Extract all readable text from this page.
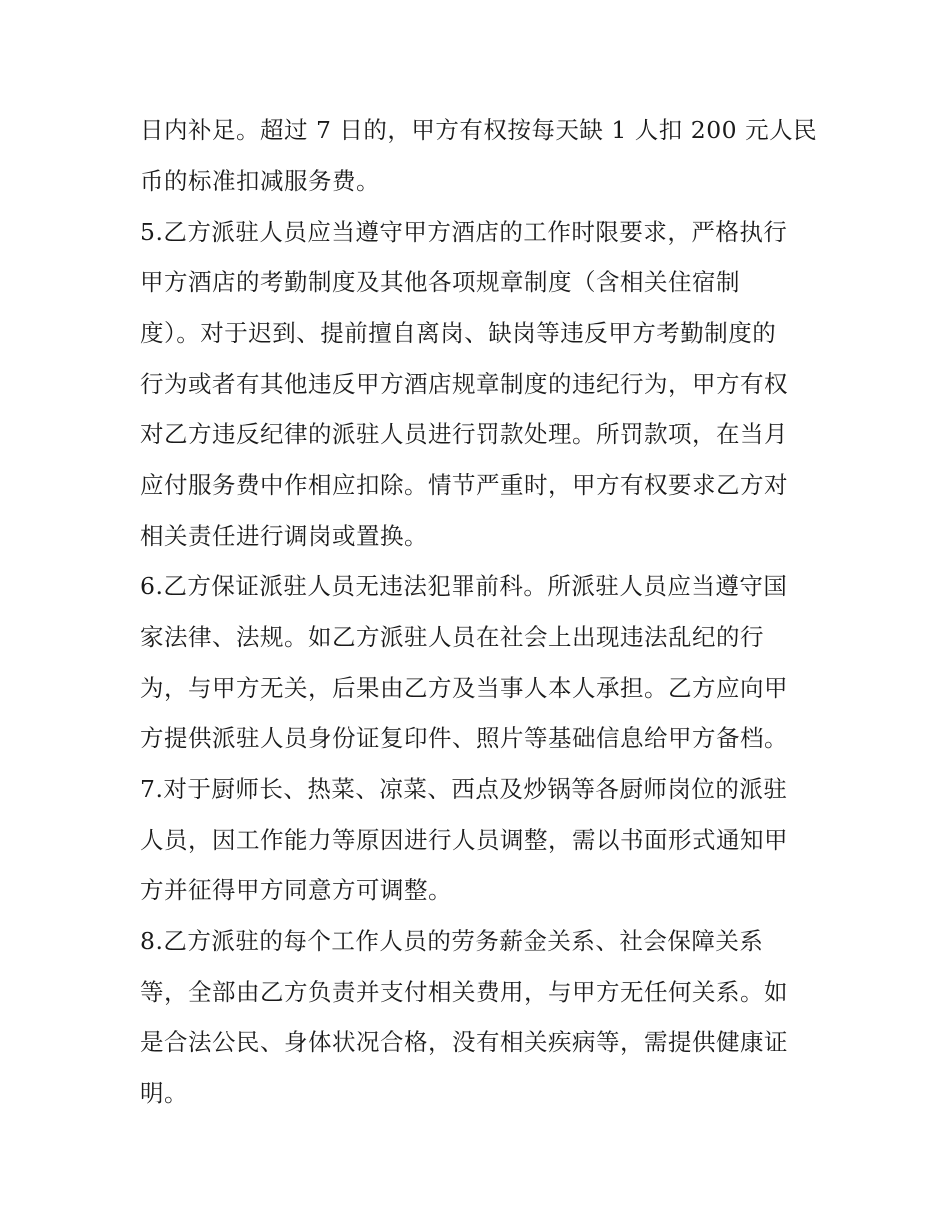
日内补足。超过 7 日的，甲方有权按每天缺 1 人扣 200 元人民
币的标准扣减服务费。
5.乙方派驻人员应当遵守甲方酒店的工作时限要求，严格执行
甲方酒店的考勤制度及其他各项规章制度（含相关住宿制
度）。对于迟到、提前擅自离岗、缺岗等违反甲方考勤制度的
行为或者有其他违反甲方酒店规章制度的违纪行为，甲方有权
对乙方违反纪律的派驻人员进行罚款处理。所罚款项，在当月
应付服务费中作相应扣除。情节严重时，甲方有权要求乙方对
相关责任进行调岗或置换。
6.乙方保证派驻人员无违法犯罪前科。所派驻人员应当遵守国
家法律、法规。如乙方派驻人员在社会上出现违法乱纪的行
为，与甲方无关，后果由乙方及当事人本人承担。乙方应向甲
方提供派驻人员身份证复印件、照片等基础信息给甲方备档。
7.对于厨师长、热菜、凉菜、西点及炒锅等各厨师岗位的派驻
人员，因工作能力等原因进行人员调整，需以书面形式通知甲
方并征得甲方同意方可调整。
8.乙方派驻的每个工作人员的劳务薪金关系、社会保障关系
等，全部由乙方负责并支付相关费用，与甲方无任何关系。如
是合法公民、身体状况合格，没有相关疾病等，需提供健康证
明。
